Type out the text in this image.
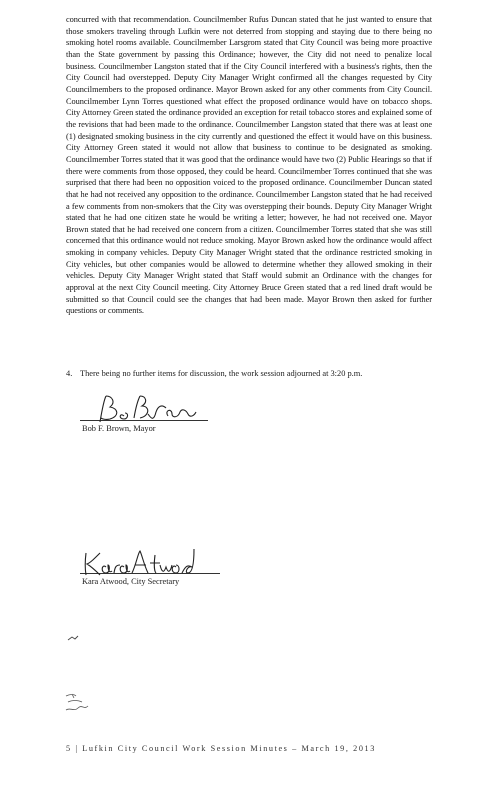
concurred with that recommendation. Councilmember Rufus Duncan stated that he just wanted to ensure that those smokers traveling through Lufkin were not deterred from stopping and staying due to there being no smoking hotel rooms available. Councilmember Larsgrom stated that City Council was being more proactive than the State government by passing this Ordinance; however, the City did not need to penalize local business. Councilmember Langston stated that if the City Council interfered with a business's rights, then the City Council had overstepped. Deputy City Manager Wright confirmed all the changes requested by City Councilmembers to the proposed ordinance. Mayor Brown asked for any other comments from City Council. Councilmember Lynn Torres questioned what effect the proposed ordinance would have on tobacco shops. City Attorney Green stated the ordinance provided an exception for retail tobacco stores and explained some of the revisions that had been made to the ordinance. Councilmember Langston stated that there was at least one (1) designated smoking business in the city currently and questioned the effect it would have on this business. City Attorney Green stated it would not allow that business to continue to be designated as smoking. Councilmember Torres stated that it was good that the ordinance would have two (2) Public Hearings so that if there were comments from those opposed, they could be heard. Councilmember Torres continued that she was surprised that there had been no opposition voiced to the proposed ordinance. Councilmember Duncan stated that he had not received any opposition to the ordinance. Councilmember Langston stated that he had received a few comments from non-smokers that the City was overstepping their bounds. Deputy City Manager Wright stated that he had one citizen state he would be writing a letter; however, he had not received one. Mayor Brown stated that he had received one concern from a citizen. Councilmember Torres stated that she was still concerned that this ordinance would not reduce smoking. Mayor Brown asked how the ordinance would affect smoking in company vehicles. Deputy City Manager Wright stated that the ordinance restricted smoking in City vehicles, but other companies would be allowed to determine whether they allowed smoking in their vehicles. Deputy City Manager Wright stated that Staff would submit an Ordinance with the changes for approval at the next City Council meeting. City Attorney Bruce Green stated that a red lined draft would be submitted so that Council could see the changes that had been made. Mayor Brown then asked for further questions or comments.

4. There being no further items for discussion, the work session adjourned at 3:20 p.m.
Bob F. Brown, Mayor
Kara Atwood, City Secretary
5 | Lufkin City Council Work Session Minutes – March 19, 2013
